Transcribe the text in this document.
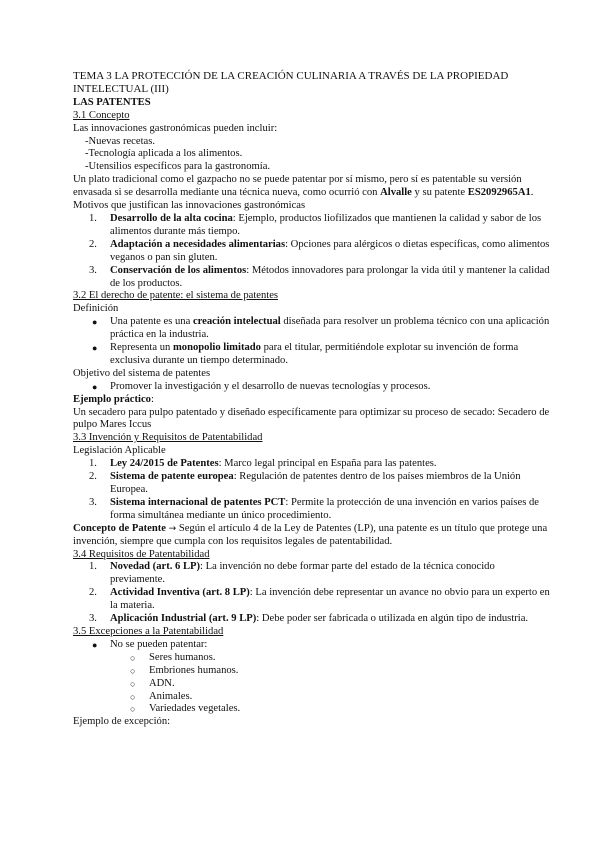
TEMA 3 LA PROTECCIÓN DE LA CREACIÓN CULINARIA A TRAVÉS DE LA PROPIEDAD INTELECTUAL (III)

LAS PATENTES

3.1 Concepto

Las innovaciones gastronómicas pueden incluir:

-Nuevas recetas.

-Tecnología aplicada a los alimentos.

-Utensilios específicos para la gastronomía.

Un plato tradicional como el gazpacho no se puede patentar por sí mismo, pero sí es patentable su versión envasada si se desarrolla mediante una técnica nueva, como ocurrió con Alvalle y su patente ES2092965A1.

Motivos que justifican las innovaciones gastronómicas

1.	Desarrollo de la alta cocina: Ejemplo, productos liofilizados que mantienen la calidad y sabor de los alimentos durante más tiempo.
2.	Adaptación a necesidades alimentarias: Opciones para alérgicos o dietas específicas, como alimentos veganos o pan sin gluten.
3.	Conservación de los alimentos: Métodos innovadores para prolongar la vida útil y mantener la calidad de los productos.

3.2 El derecho de patente: el sistema de patentes

Definición

●	Una patente es una creación intelectual diseñada para resolver un problema técnico con una aplicación práctica en la industria.
●	Representa un monopolio limitado para el titular, permitiéndole explotar su invención de forma exclusiva durante un tiempo determinado.

Objetivo del sistema de patentes

●	Promover la investigación y el desarrollo de nuevas tecnologías y procesos.

Ejemplo práctico:

Un secadero para pulpo patentado y diseñado específicamente para optimizar su proceso de secado: Secadero de pulpo Mares Iccus

3.3 Invención y Requisitos de Patentabilidad

Legislación Aplicable

1.	Ley 24/2015 de Patentes: Marco legal principal en España para las patentes.
2.	Sistema de patente europea: Regulación de patentes dentro de los países miembros de la Unión Europea.
3.	Sistema internacional de patentes PCT: Permite la protección de una invención en varios países de forma simultánea mediante un único procedimiento.

Concepto de Patente → Según el artículo 4 de la Ley de Patentes (LP), una patente es un título que protege una invención, siempre que cumpla con los requisitos legales de patentabilidad.

3.4 Requisitos de Patentabilidad

1.	Novedad (art. 6 LP): La invención no debe formar parte del estado de la técnica conocido previamente.
2.	Actividad Inventiva (art. 8 LP): La invención debe representar un avance no obvio para un experto en la materia.
3.	Aplicación Industrial (art. 9 LP): Debe poder ser fabricada o utilizada en algún tipo de industria.

3.5 Excepciones a la Patentabilidad

●	No se pueden patentar:
○ Seres humanos.
○ Embriones humanos.
○ ADN.
○ Animales.
○ Variedades vegetales.

Ejemplo de excepción:
